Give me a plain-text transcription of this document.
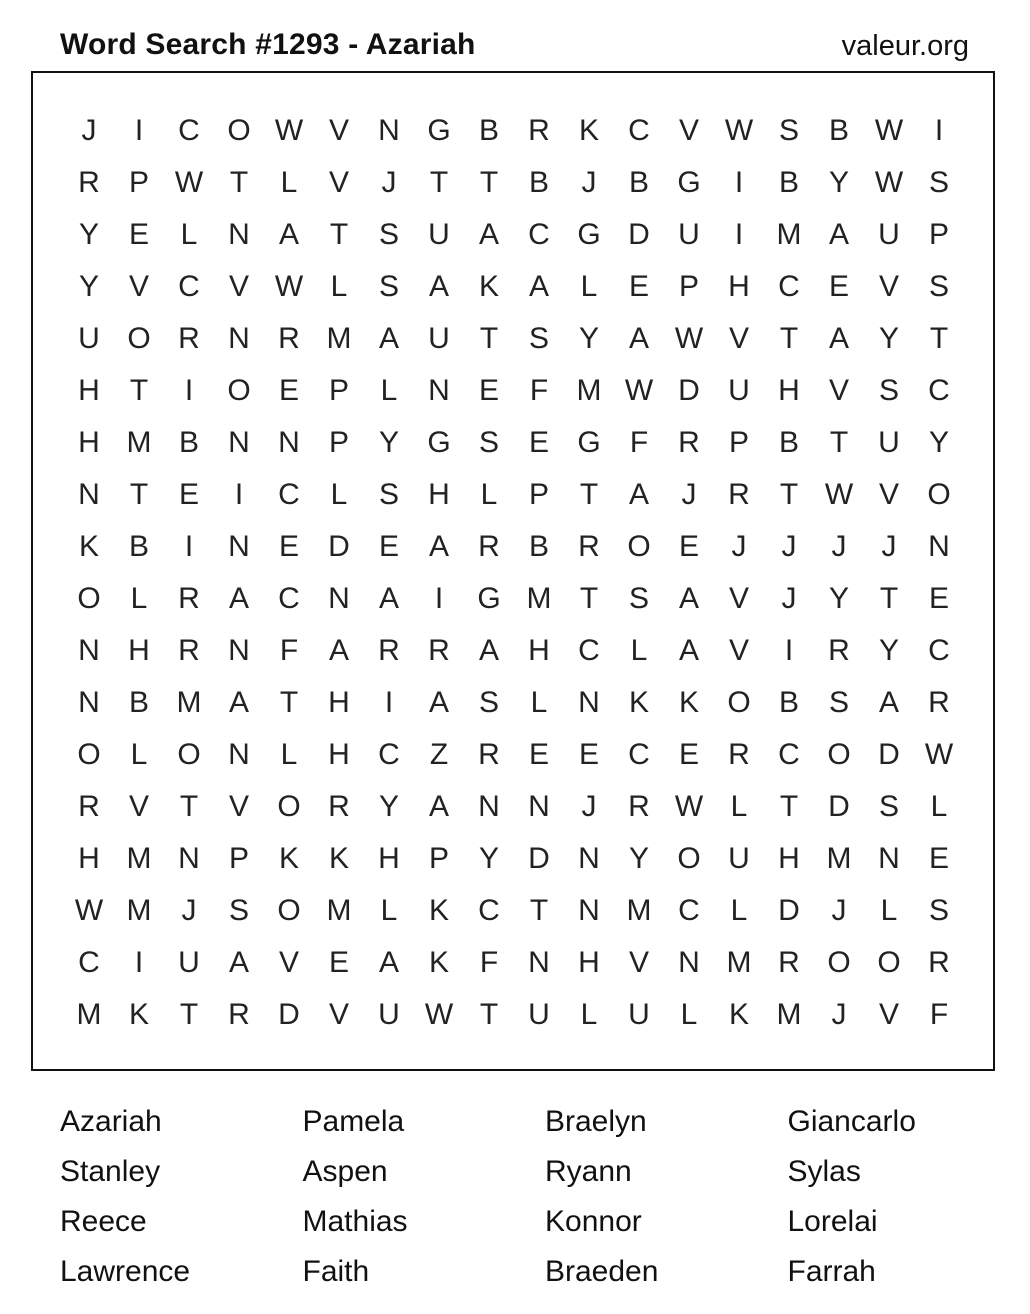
Word Search #1293 - Azariah	valeur.org
J	I	C O W V N G B R K C V W S B W	I
R P W T	L	V	J	T	T	B	J	B G	I	B Y W S
Y E	L	N A	T	S U A C G D U	I	M A U P
Y V C V W L	S A K A	L	E P H C E V S
U O R N R M A U	T	S Y A W V	T	A Y	T
H	T	I	O E P	L	N E	F M W D U H V S C
H M B N N P Y G S E G F	R P B	T	U Y
N	T	E	I	C	L	S H	L	P	T	A	J	R	T W V O
K B	I	N E D E A R B R O E	J	J	J	J	N
O L	R A C N A	I	G M T	S A V	J	Y	T	E
N H R N	F	A R R A H C	L	A V	I	R Y C
N B M A	T	H	I	A S	L	N K K O B S A R
O L O N	L	H C	Z	R E E C E R C O D W
R V	T	V O R Y A N N	J	R W L	T	D S	L
H M N P K K H P Y D N Y O U H M N E
W M	J	S O M L	K C	T	N M C	L	D	J	L	S
C	I	U A V E A K	F	N H V N M R O O R
M K	T	R D V U W T	U	L	U	L	K M	J	V	F
Azariah	Pamela	Braelyn	Giancarlo
Stanley	Aspen	Ryann	Sylas
Reece	Mathias	Konnor	Lorelai
Lawrence	Faith	Braeden	Farrah
